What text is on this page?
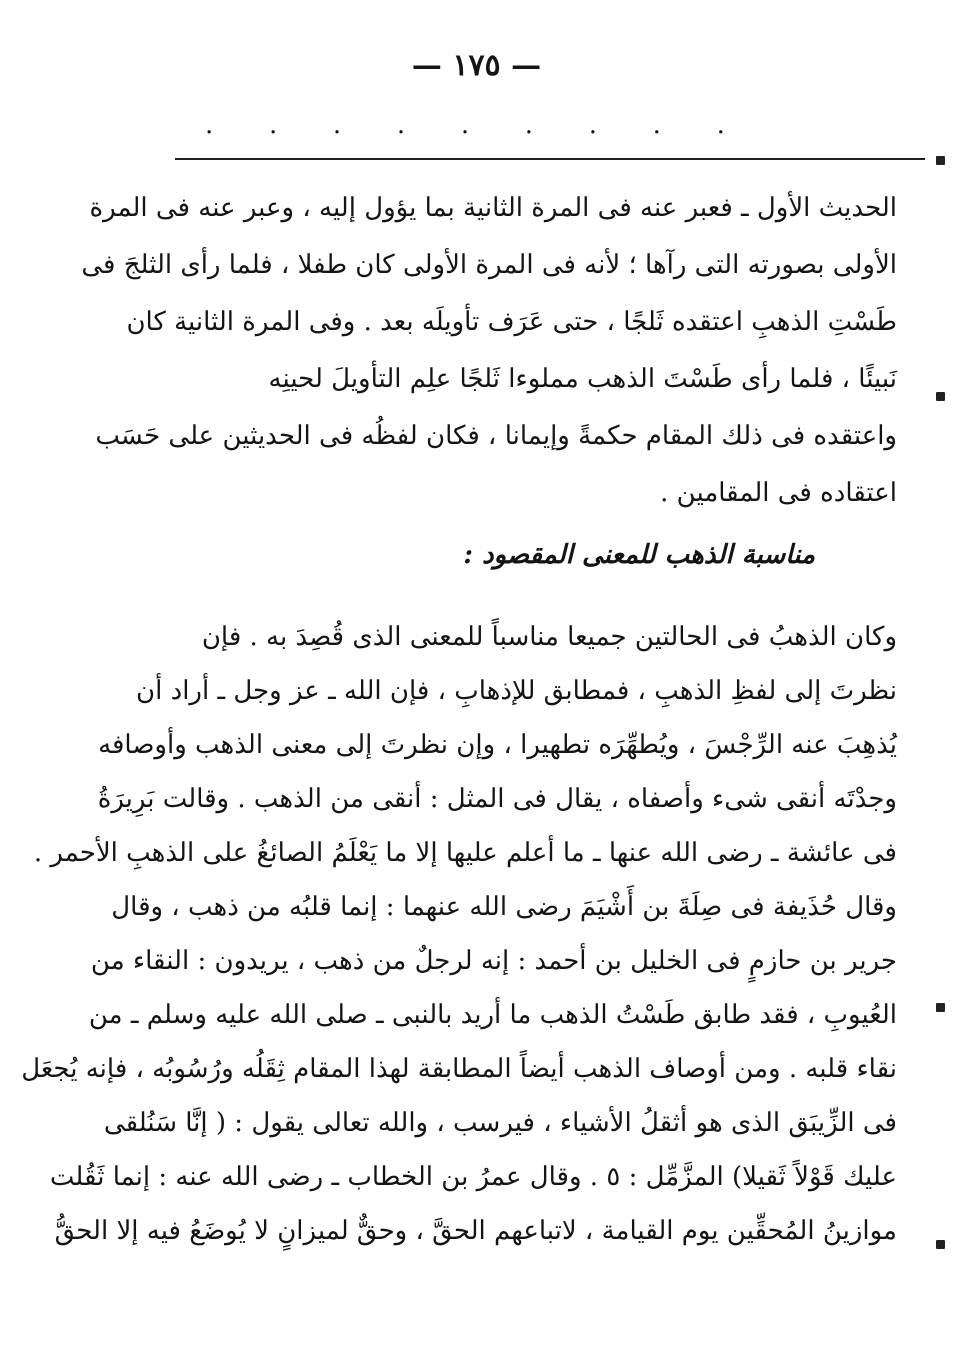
— ١٧٥ —
. . . . . . . . .
الحديث الأول ـ فعبر عنه فى المرة الثانية بما يؤول إليه ، وعبر عنه فى المرة
الأولى بصورته التى رآها ؛ لأنه فى المرة الأولى كان طفلا ، فلما رأى الثلجَ فى
طَسْتِ الذهبِ اعتقده ثَلجًا ، حتى عَرَف تأويلَه بعد . وفى المرة الثانية كان
نَبيئًا ، فلما رأى طَسْتَ الذهب مملوءا ثَلجًا علِم التأويلَ لحينِه
واعتقده فى ذلك المقام حكمةً وإيمانا ، فكان لفظُه فى الحديثين على حَسَب
اعتقاده فى المقامين .
مناسبة الذهب للمعنى المقصود :
وكان الذهبُ فى الحالتين جميعا مناسباً للمعنى الذى قُصِدَ به . فإن
نظرتَ إلى لفظِ الذهبِ ، فمطابق للإذهابِ ، فإن الله ـ عز وجل ـ أراد أن
يُذهِبَ عنه الرِّجْسَ ، ويُطهِّرَه تطهيرا ، وإن نظرتَ إلى معنى الذهب وأوصافه
وجدْتَه أنقى شىء وأصفاه ، يقال فى المثل : أنقى من الذهب . وقالت بَرِيرَةُ
فى عائشة ـ رضى الله عنها ـ ما أعلم عليها إلا ما يَعْلَمُ الصائغُ على الذهبِ الأحمر .
وقال حُذَيفة فى صِلَةَ بن أَشْيَمَ رضى الله عنهما : إنما قلبُه من ذهب ، وقال
جرير بن حازمٍ فى الخليل بن أحمد : إنه لرجلٌ من ذهب ، يريدون : النقاء من
العُيوبِ ، فقد طابق طَسْتُ الذهب ما أريد بالنبى ـ صلى الله عليه وسلم ـ من
نقاء قلبه . ومن أوصاف الذهب أيضاً المطابقة لهذا المقام ثِقَلُه ورُسُوبُه ، فإنه يُجعَل
فى الزِّيبَق الذى هو أثقلُ الأشياء ، فيرسب ، والله تعالى يقول : ( إنَّا سَنُلقى
عليك قَوْلاً ثَقيلا) المزَّمِّل : ٥ . وقال عمرُ بن الخطاب ـ رضى الله عنه : إنما ثَقُلت
موازينُ المُحقِّين يوم القيامة ، لاتباعهم الحقَّ ، وحقٌّ لميزانٍ لا يُوضَعُ فيه إلا الحقُّ
